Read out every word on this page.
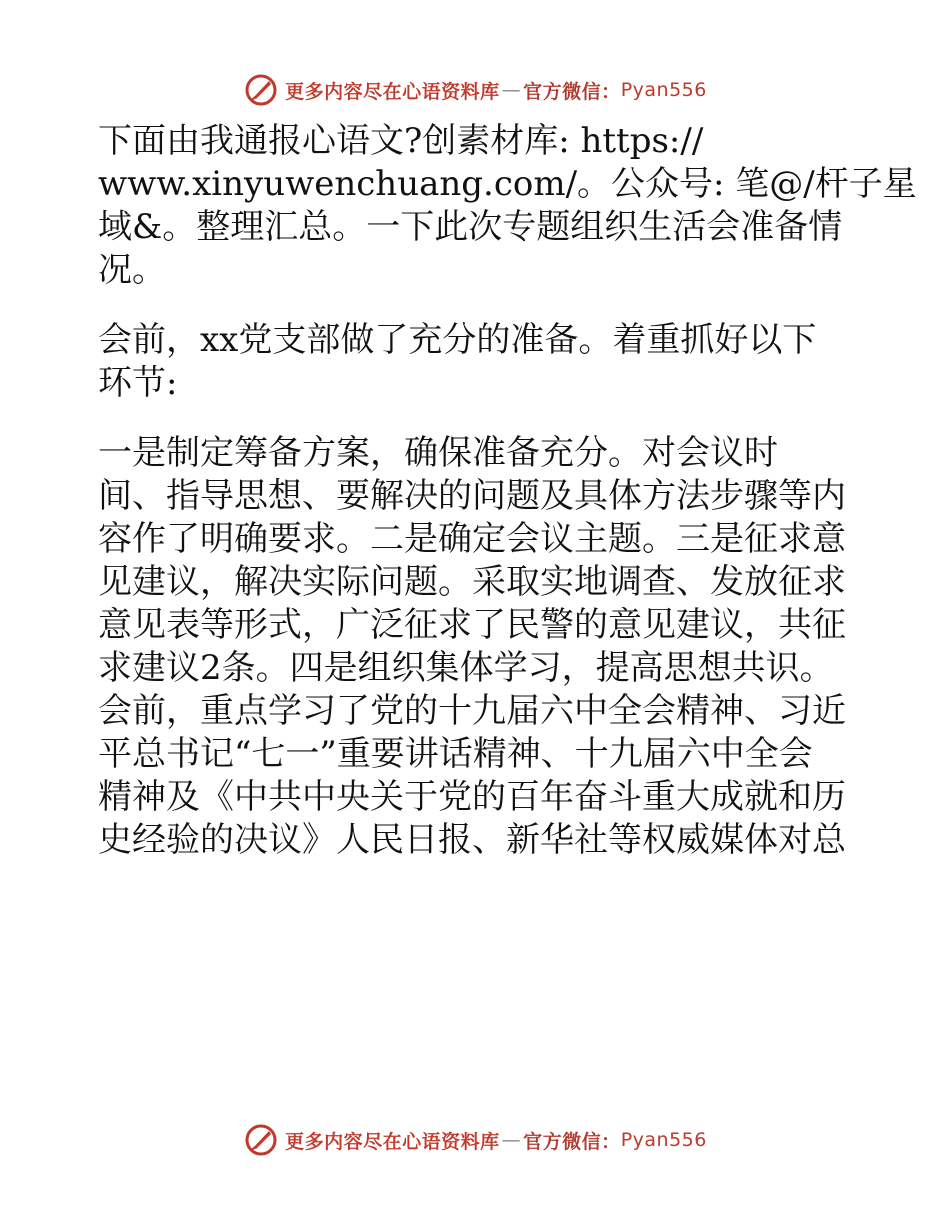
更多内容尽在心语资料库 — 官方微信： Pyan556

下面由我通报心语文?创素材库: https://
www.xinyuwenchuang.com/。公众号: 笔@/杆子星
域&。整理汇总。一下此次专题组织生活会准备情
况。

会前，xx党支部做了充分的准备。着重抓好以下
环节:

一是制定筹备方案，确保准备充分。对会议时
间、指导思想、要解决的问题及具体方法步骤等内
容作了明确要求。二是确定会议主题。三是征求意
见建议，解决实际问题。采取实地调查、发放征求
意见表等形式，广泛征求了民警的意见建议，共征
求建议2条。四是组织集体学习，提高思想共识。
会前，重点学习了党的十九届六中全会精神、习近
平总书记“七一”重要讲话精神、十九届六中全会
精神及《中共中央关于党的百年奋斗重大成就和历
史经验的决议》人民日报、新华社等权威媒体对总

更多内容尽在心语资料库 — 官方微信： Pyan556
